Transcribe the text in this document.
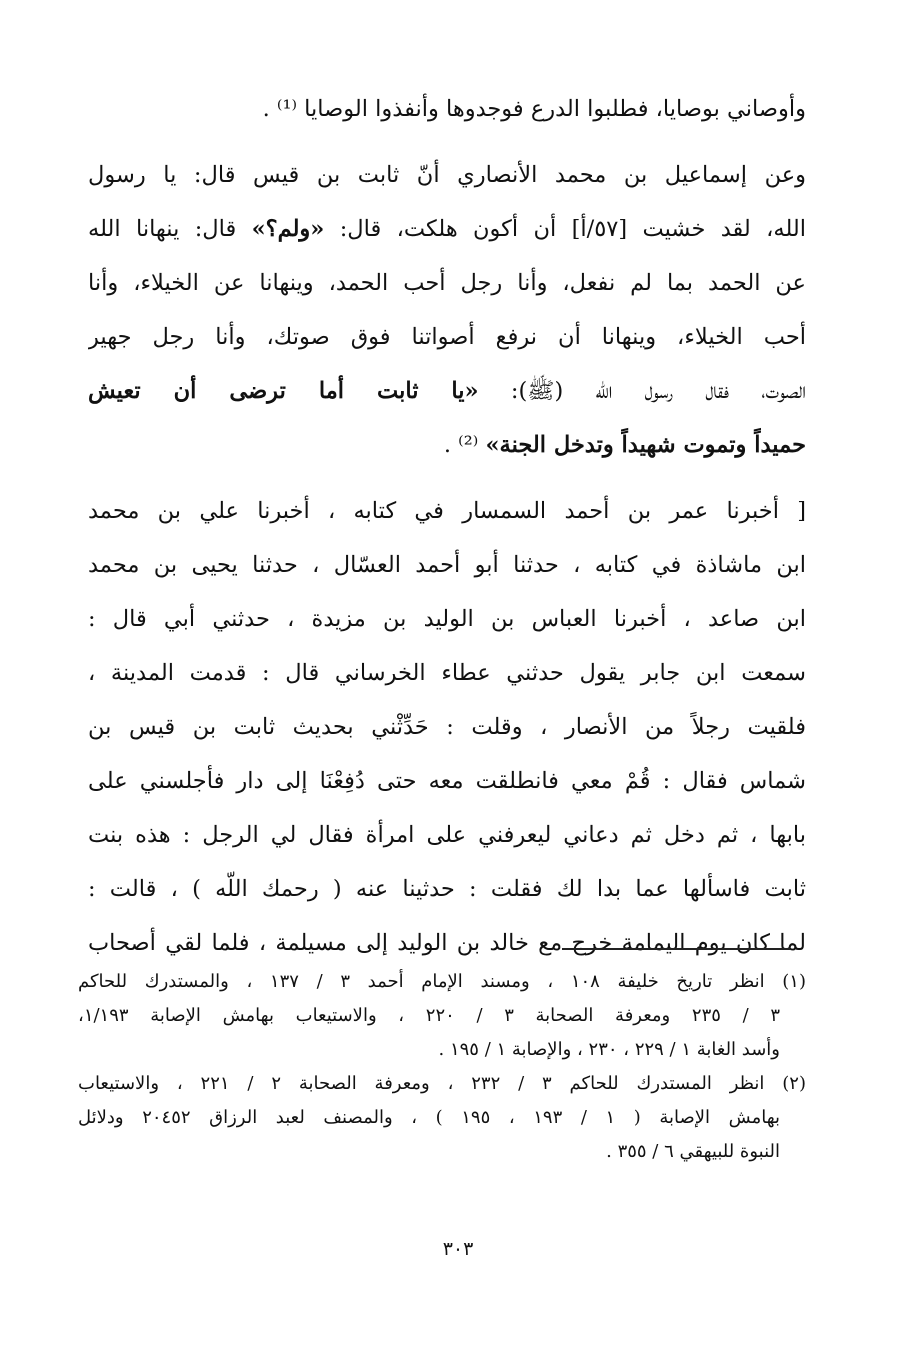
وأوصاني بوصايا، فطلبوا الدرع فوجدوها وأنفذوا الوصايا ⁽¹⁾ .
وعن إسماعيل بن محمد الأنصاري أنّ ثابت بن قيس قال: يا رسول
الله، لقد خشيت [٥٧/أ] أن أكون هلكت، قال: «ولم؟» قال: ينهانا الله
عن الحمد بما لم نفعل، وأنا رجل أحب الحمد، وينهانا عن الخيلاء، وأنا
أحب الخيلاء، وينهانا أن نرفع أصواتنا فوق صوتك، وأنا رجل جهير
الصوت، فقال رسول الله (ﷺ): «يا ثابت أما ترضى أن تعيش
حميداً وتموت شهيداً وتدخل الجنة» ⁽²⁾ .
[ أخبرنا عمر بن أحمد السمسار في كتابه ، أخبرنا علي بن محمد
ابن ماشاذة في كتابه ، حدثنا أبو أحمد العسّال ، حدثنا يحيى بن محمد
ابن صاعد ، أخبرنا العباس بن الوليد بن مزيدة ، حدثني أبي قال :
سمعت ابن جابر يقول حدثني عطاء الخرساني قال : قدمت المدينة ،
فلقيت رجلاً من الأنصار ، وقلت : حَدِّثْني بحديث ثابت بن قيس بن
شماس فقال : قُمْ معي فانطلقت معه حتى دُفِعْنَا إلى دار فأجلسني على
بابها ، ثم دخل ثم دعاني ليعرفني على امرأة فقال لي الرجل : هذه بنت
ثابت فاسألها عما بدا لك فقلت : حدثينا عنه ( رحمك اللّه ) ، قالت :
لما كان يوم اليمامة خرج مع خالد بن الوليد إلى مسيلمة ، فلما لقي أصحاب
(١) انظر تاريخ خليفة ١٠٨ ، ومسند الإمام أحمد ٣ / ١٣٧ ، والمستدرك للحاكم
٣ / ٢٣٥ ومعرفة الصحابة ٣ / ٢٢٠ ، والاستيعاب بهامش الإصابة ١/١٩٣،
وأسد الغابة ١ / ٢٢٩ ، ٢٣٠ ، والإصابة ١ / ١٩٥ .
(٢) انظر المستدرك للحاكم ٣ / ٢٣٢ ، ومعرفة الصحابة ٢ / ٢٢١ ، والاستيعاب
بهامش الإصابة ( ١ / ١٩٣ ، ١٩٥ ) ، والمصنف لعبد الرزاق ٢٠٤٥٢ ودلائل
النبوة للبيهقي ٦ / ٣٥٥ .
٣٠٣
